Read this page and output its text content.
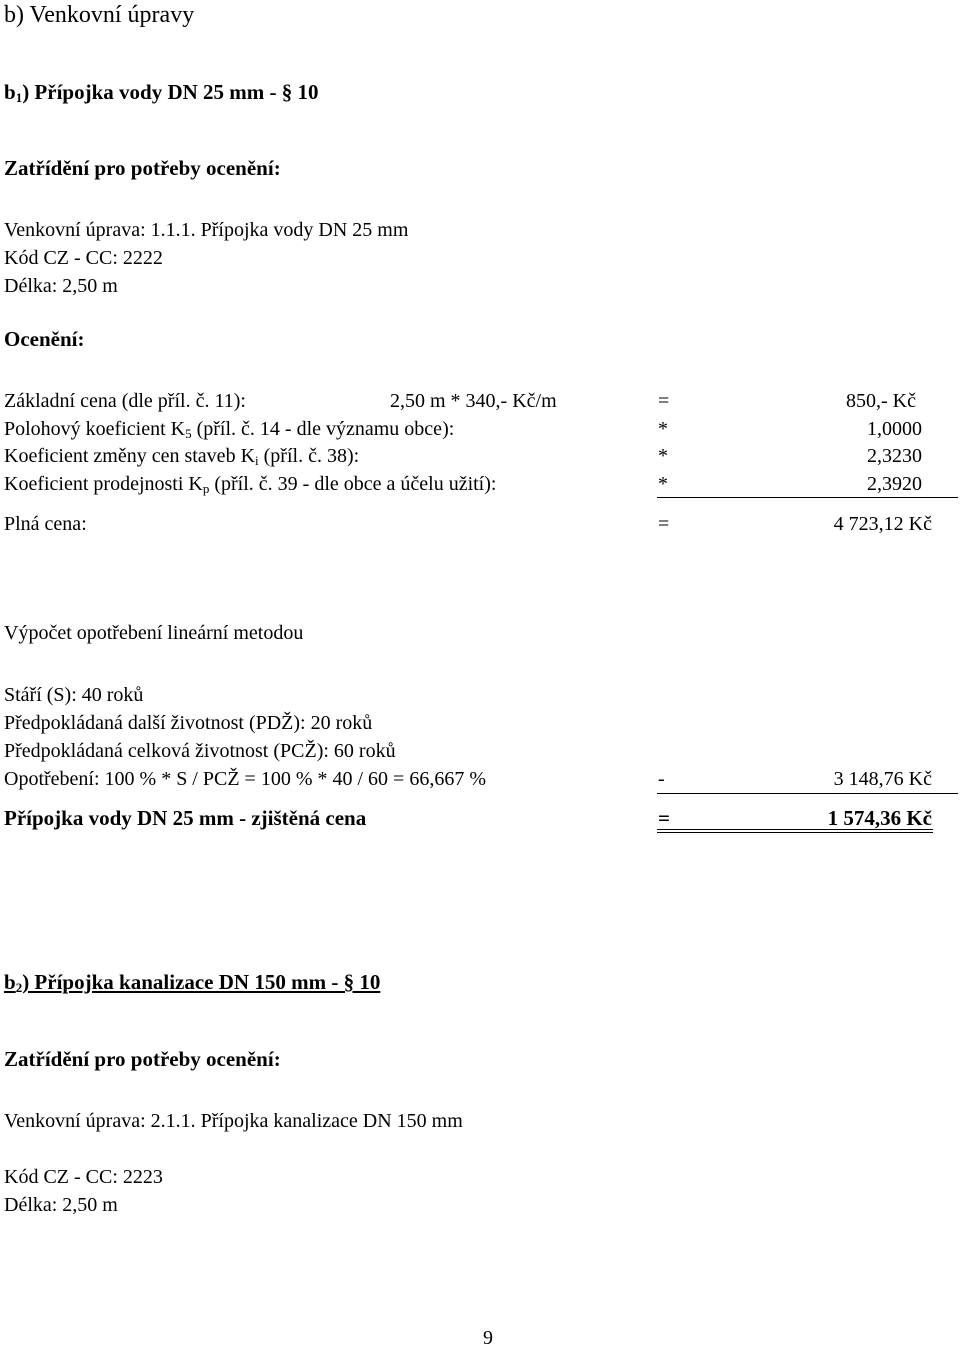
b) Venkovní úpravy
$b_1$) Přípojka vody DN 25 mm - § 10
Zatřídění pro potřeby ocenění:
Venkovní úprava: 1.1.1. Přípojka vody DN 25 mm
Kód CZ - CC: 2222
Délka: 2,50 m
Ocenění:
Základní cena (dle příl. č. 11):	2,50 m * 340,- Kč/m	=	850,- Kč
Polohový koeficient $K_5$ (příl. č. 14 - dle významu obce):	*	1,0000
Koeficient změny cen staveb $K_i$ (příl. č. 38):	*	2,3230
Koeficient prodejnosti $K_p$ (příl. č. 39 - dle obce a účelu užití):	*	2,3920
Plná cena:	=	4 723,12 Kč
Výpočet opotřebení lineární metodou
Stáří (S): 40 roků
Předpokládaná další životnost (PDŽ): 20 roků
Předpokládaná celková životnost (PCŽ): 60 roků
Opotřebení: 100 % * S / PCŽ = 100 % * 40 / 60 = 66,667 %	-	3 148,76 Kč
Přípojka vody DN 25 mm - zjištěná cena	=	1 574,36 Kč
$b_2$) Přípojka kanalizace DN 150 mm - § 10
Zatřídění pro potřeby ocenění:
Venkovní úprava: 2.1.1. Přípojka kanalizace DN 150 mm
Kód CZ - CC: 2223
Délka: 2,50 m
9
